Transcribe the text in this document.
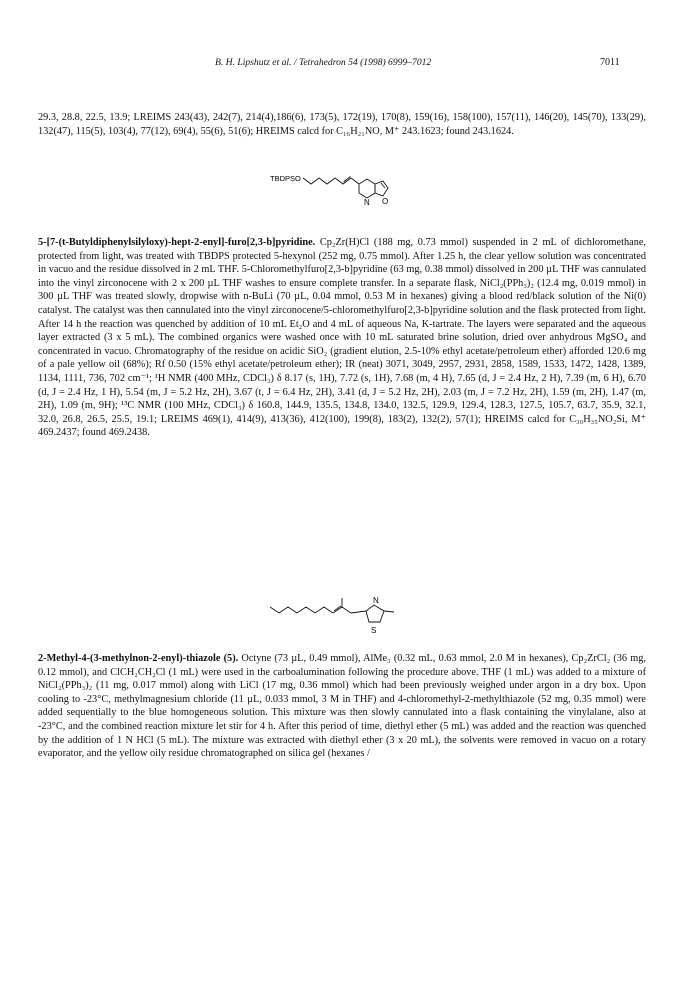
B. H. Lipshutz et al. / Tetrahedron 54 (1998) 6999–7012	7011

29.3, 28.8, 22.5, 13.9; LREIMS 243(43), 242(7), 214(4),186(6), 173(5), 172(19), 170(8), 159(16), 158(100), 157(11), 146(20), 145(70), 133(29), 132(47), 115(5), 103(4), 77(12), 69(4), 55(6), 51(6); HREIMS calcd for C₁₆H₂₁NO, M⁺ 243.1623; found 243.1624.

TBDPSO
N O

5-[7-(t-Butyldiphenylsilyloxy)-hept-2-enyl]-furo[2,3-b]pyridine. Cp₂Zr(H)Cl (188 mg, 0.73 mmol) suspended in 2 mL of dichloromethane, protected from light, was treated with TBDPS protected 5-hexynol (252 mg, 0.75 mmol). After 1.25 h, the clear yellow solution was concentrated in vacuo and the residue dissolved in 2 mL THF. 5-Chloromethylfuro[2,3-b]pyridine (63 mg, 0.38 mmol) dissolved in 200 µL THF was cannulated into the vinyl zirconocene with 2 x 200 µL THF washes to ensure complete transfer. In a separate flask, NiCl₂(PPh₃)₂ (12.4 mg, 0.019 mmol) in 300 µL THF was treated slowly, dropwise with n-BuLi (70 µL, 0.04 mmol, 0.53 M in hexanes) giving a blood red/black solution of the Ni(0) catalyst. The catalyst was then cannulated into the vinyl zirconocene/5-chloromethylfuro[2,3-b]pyridine solution and the flask protected from light. After 14 h the reaction was quenched by addition of 10 mL Et₂O and 4 mL of aqueous Na, K-tartrate. The layers were separated and the aqueous layer extracted (3 x 5 mL). The combined organics were washed once with 10 mL saturated brine solution, dried over anhydrous MgSO₄ and concentrated in vacuo. Chromatography of the residue on acidic SiO₂ (gradient elution, 2.5-10% ethyl acetate/petroleum ether) afforded 120.6 mg of a pale yellow oil (68%); Rf 0.50 (15% ethyl acetate/petroleum ether); IR (neat) 3071, 3049, 2957, 2931, 2858, 1589, 1533, 1472, 1428, 1389, 1134, 1111, 736, 702 cm⁻¹; ¹H NMR (400 MHz, CDCl₃) δ 8.17 (s, 1H), 7.72 (s, 1H), 7.68 (m, 4 H), 7.65 (d, J = 2.4 Hz, 2 H), 7.39 (m, 6 H), 6.70 (d, J = 2.4 Hz, 1 H), 5.54 (m, J = 5.2 Hz, 2H), 3.67 (t, J = 6.4 Hz, 2H), 3.41 (d, J = 5.2 Hz, 2H), 2.03 (m, J = 7.2 Hz, 2H), 1.59 (m, 2H), 1.47 (m, 2H), 1.09 (m, 9H); ¹³C NMR (100 MHz, CDCl₃) δ 160.8, 144.9, 135.5, 134.8, 134.0, 132.5, 129.9, 129.4, 128.3, 127.5, 105.7, 63.7, 35.9, 32.1, 32.0, 26.8, 26.5, 25.5, 19.1; LREIMS 469(1), 414(9), 413(36), 412(100), 199(8), 183(2), 132(2), 57(1); HREIMS calcd for C₃₀H₃₅NO₂Si, M⁺ 469.2437; found 469.2438.

N
S

2-Methyl-4-(3-methylnon-2-enyl)-thiazole (5). Octyne (73 µL, 0.49 mmol), AlMe₃ (0.32 mL, 0.63 mmol, 2.0 M in hexanes), Cp₂ZrCl₂ (36 mg, 0.12 mmol), and ClCH₂CH₂Cl (1 mL) were used in the carboalumination following the procedure above. THF (1 mL) was added to a mixture of NiCl₂(PPh₃)₂ (11 mg, 0.017 mmol) along with LiCl (17 mg, 0.36 mmol) which had been previously weighed under argon in a dry box. Upon cooling to -23°C, methylmagnesium chloride (11 µL, 0.033 mmol, 3 M in THF) and 4-chloromethyl-2-methylthiazole (52 mg, 0.35 mmol) were added sequentially to the blue homogeneous solution. This mixture was then slowly cannulated into a flask containing the vinylalane, also at -23°C, and the combined reaction mixture let stir for 4 h. After this period of time, diethyl ether (5 mL) was added and the reaction was quenched by the addition of 1 N HCl (5 mL). The mixture was extracted with diethyl ether (3 x 20 mL), the solvents were removed in vacuo on a rotary evaporator, and the yellow oily residue chromatographed on silica gel (hexanes /
